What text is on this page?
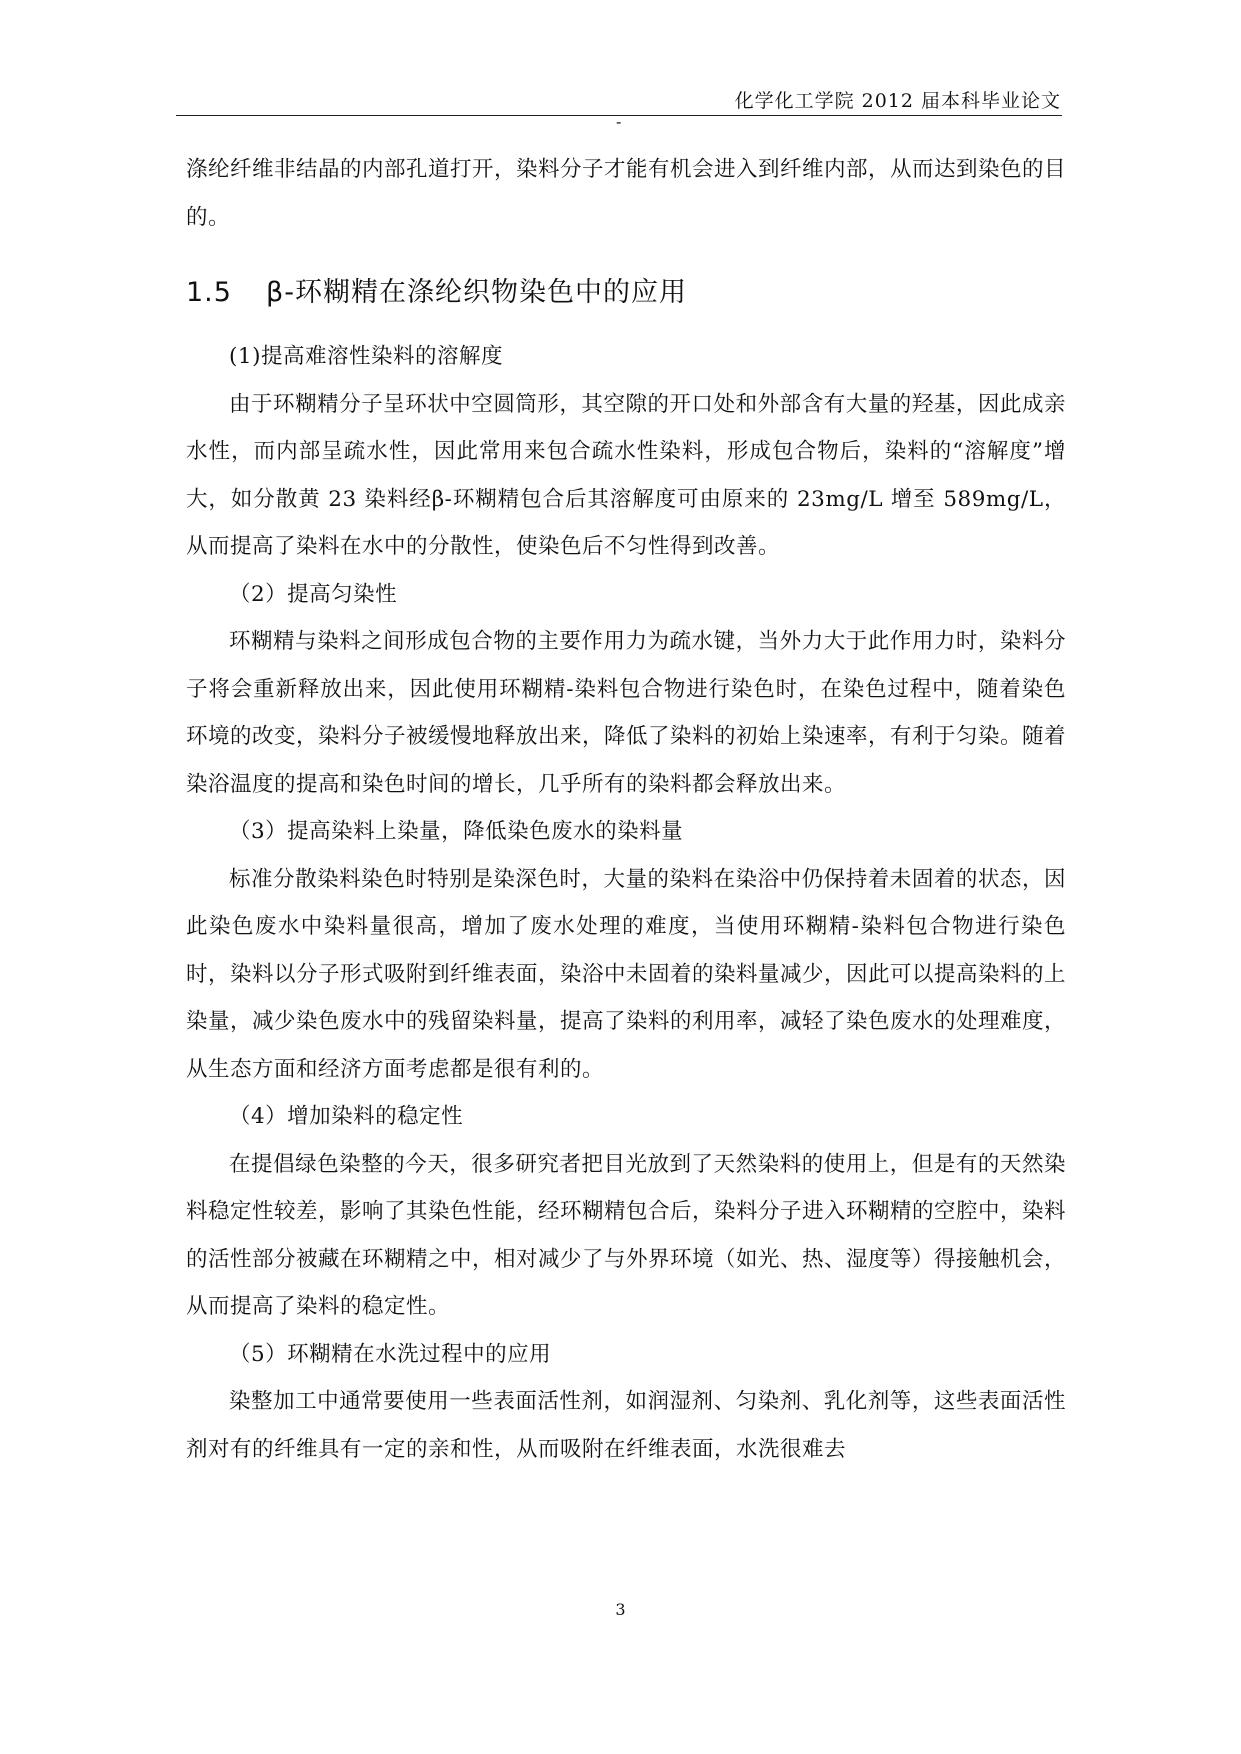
化学化工学院 2012 届本科毕业论文
-

涤纶纤维非结晶的内部孔道打开，染料分子才能有机会进入到纤维内部，从而达到染色的目的。

1.5 β-环糊精在涤纶织物染色中的应用

(1)提高难溶性染料的溶解度

由于环糊精分子呈环状中空圆筒形，其空隙的开口处和外部含有大量的羟基，因此成亲水性，而内部呈疏水性，因此常用来包合疏水性染料，形成包合物后，染料的“溶解度”增大，如分散黄 23 染料经β-环糊精包合后其溶解度可由原来的 23mg/L 增至 589mg/L，从而提高了染料在水中的分散性，使染色后不匀性得到改善。

（2）提高匀染性

环糊精与染料之间形成包合物的主要作用力为疏水键，当外力大于此作用力时，染料分子将会重新释放出来，因此使用环糊精-染料包合物进行染色时，在染色过程中，随着染色环境的改变，染料分子被缓慢地释放出来，降低了染料的初始上染速率，有利于匀染。随着染浴温度的提高和染色时间的增长，几乎所有的染料都会释放出来。

（3）提高染料上染量，降低染色废水的染料量

标准分散染料染色时特别是染深色时，大量的染料在染浴中仍保持着未固着的状态，因此染色废水中染料量很高，增加了废水处理的难度，当使用环糊精-染料包合物进行染色时，染料以分子形式吸附到纤维表面，染浴中未固着的染料量减少，因此可以提高染料的上染量，减少染色废水中的残留染料量，提高了染料的利用率，减轻了染色废水的处理难度，从生态方面和经济方面考虑都是很有利的。

（4）增加染料的稳定性

在提倡绿色染整的今天，很多研究者把目光放到了天然染料的使用上，但是有的天然染料稳定性较差，影响了其染色性能，经环糊精包合后，染料分子进入环糊精的空腔中，染料的活性部分被藏在环糊精之中，相对减少了与外界环境（如光、热、湿度等）得接触机会，从而提高了染料的稳定性。

（5）环糊精在水洗过程中的应用

染整加工中通常要使用一些表面活性剂，如润湿剂、匀染剂、乳化剂等，这些表面活性剂对有的纤维具有一定的亲和性，从而吸附在纤维表面，水洗很难去

3
